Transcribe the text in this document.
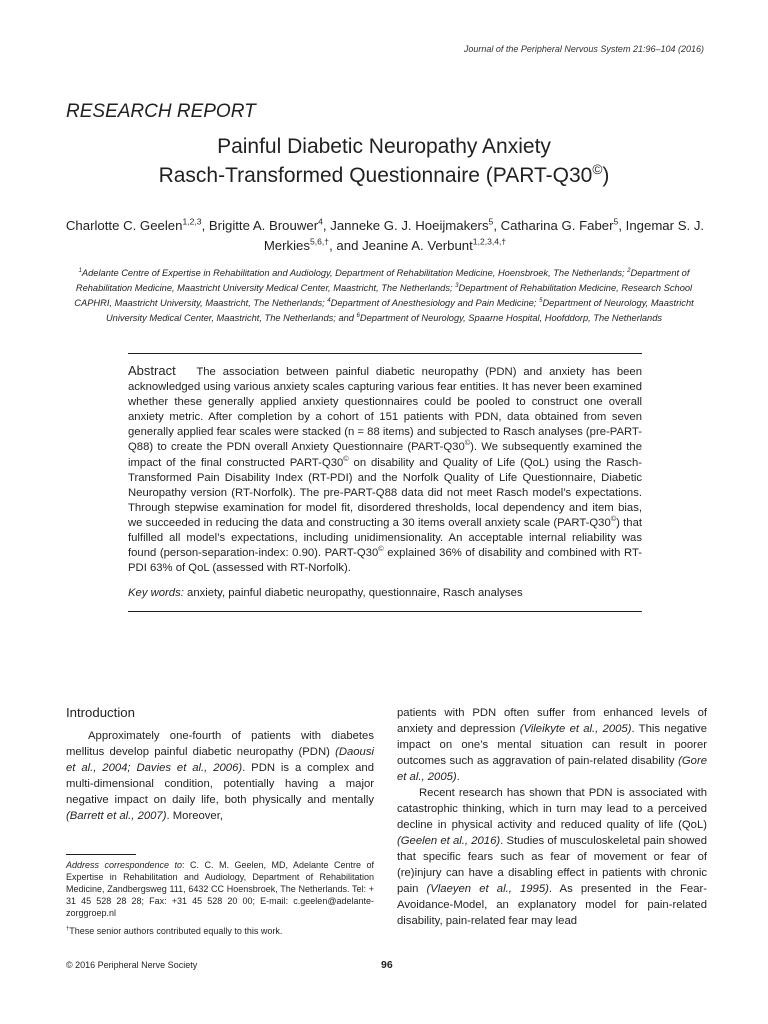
Journal of the Peripheral Nervous System 21:96–104 (2016)
RESEARCH REPORT
Painful Diabetic Neuropathy Anxiety
Rasch-Transformed Questionnaire (PART-Q30©)
Charlotte C. Geelen$^{1,2,3}$, Brigitte A. Brouwer$^4$, Janneke G. J. Hoeijmakers$^5$, Catharina G. Faber$^5$, Ingemar S. J. Merkies$^{5,6,\dagger}$, and Jeanine A. Verbunt$^{1,2,3,4,\dagger}$
$^1$Adelante Centre of Expertise in Rehabilitation and Audiology, Department of Rehabilitation Medicine, Hoensbroek, The Netherlands; $^2$Department of Rehabilitation Medicine, Maastricht University Medical Center, Maastricht, The Netherlands; $^3$Department of Rehabilitation Medicine, Research School CAPHRI, Maastricht University, Maastricht, The Netherlands; $^4$Department of Anesthesiology and Pain Medicine; $^5$Department of Neurology, Maastricht University Medical Center, Maastricht, The Netherlands; and $^6$Department of Neurology, Spaarne Hospital, Hoofddorp, The Netherlands
Abstract The association between painful diabetic neuropathy (PDN) and anxiety has been acknowledged using various anxiety scales capturing various fear entities. It has never been examined whether these generally applied anxiety questionnaires could be pooled to construct one overall anxiety metric. After completion by a cohort of 151 patients with PDN, data obtained from seven generally applied fear scales were stacked (n = 88 items) and subjected to Rasch analyses (pre-PART-Q88) to create the PDN overall Anxiety Questionnaire (PART-Q30©). We subsequently examined the impact of the final constructed PART-Q30© on disability and Quality of Life (QoL) using the Rasch-Transformed Pain Disability Index (RT-PDI) and the Norfolk Quality of Life Questionnaire, Diabetic Neuropathy version (RT-Norfolk). The pre-PART-Q88 data did not meet Rasch model’s expectations. Through stepwise examination for model fit, disordered thresholds, local dependency and item bias, we succeeded in reducing the data and constructing a 30 items overall anxiety scale (PART-Q30©) that fulfilled all model’s expectations, including unidimensionality. An acceptable internal reliability was found (person-separation-index: 0.90). PART-Q30© explained 36% of disability and combined with RT-PDI 63% of QoL (assessed with RT-Norfolk).
Key words: anxiety, painful diabetic neuropathy, questionnaire, Rasch analyses
Introduction

Approximately one-fourth of patients with diabetes mellitus develop painful diabetic neuropathy (PDN) (Daousi et al., 2004; Davies et al., 2006). PDN is a complex and multi-dimensional condition, potentially having a major negative impact on daily life, both physically and mentally (Barrett et al., 2007). Moreover,

patients with PDN often suffer from enhanced levels of anxiety and depression (Vileikyte et al., 2005). This negative impact on one’s mental situation can result in poorer outcomes such as aggravation of pain-related disability (Gore et al., 2005).

Recent research has shown that PDN is associated with catastrophic thinking, which in turn may lead to a perceived decline in physical activity and reduced quality of life (QoL) (Geelen et al., 2016). Studies of musculoskeletal pain showed that specific fears such as fear of movement or fear of (re)injury can have a disabling effect in patients with chronic pain (Vlaeyen et al., 1995). As presented in the Fear-Avoidance-Model, an explanatory model for pain-related disability, pain-related fear may lead

Address correspondence to: C. C. M. Geelen, MD, Adelante Centre of Expertise in Rehabilitation and Audiology, Department of Rehabilitation Medicine, Zandbergsweg 111, 6432 CC Hoensbroek, The Netherlands. Tel: + 31 45 528 28 28; Fax: +31 45 528 20 00; E-mail: c.geelen@adelante-zorggroep.nl
†These senior authors contributed equally to this work.
© 2016 Peripheral Nerve Society	96
